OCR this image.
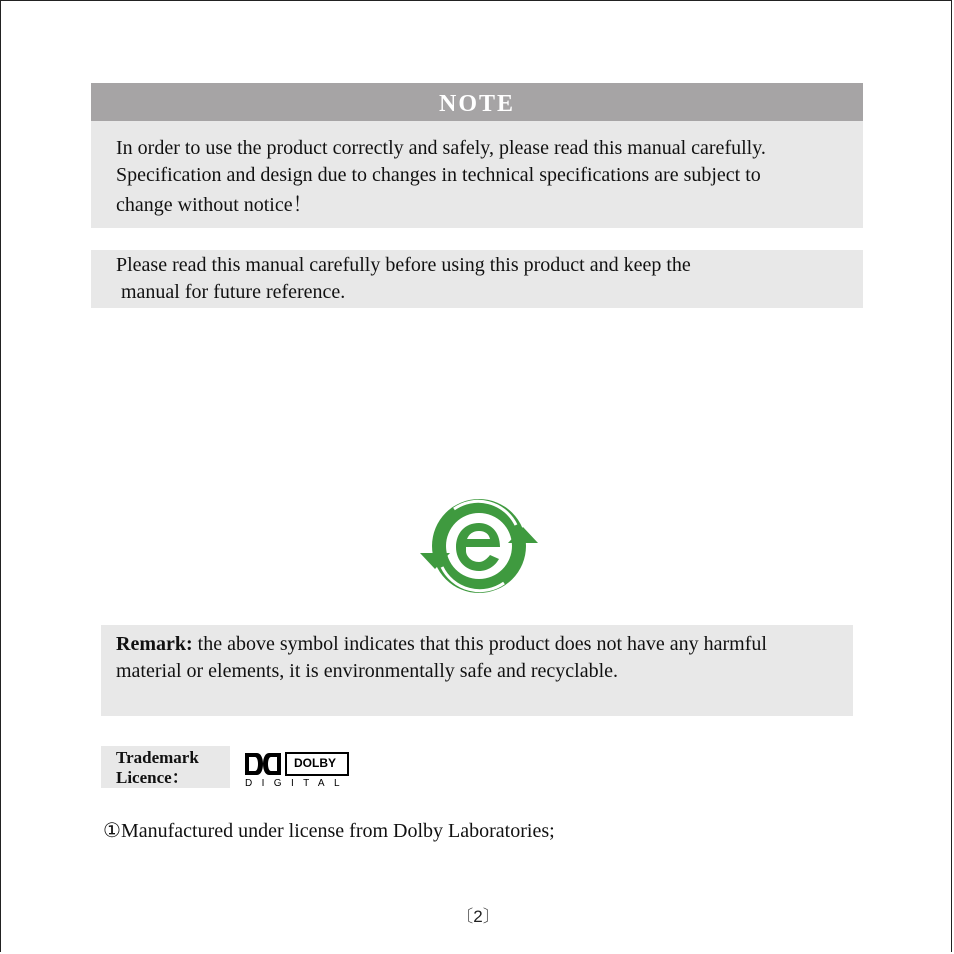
NOTE
In order to use the product correctly and safely, please read this manual carefully.
Specification and design due to changes in technical specifications are subject to
change without notice！
Please read this manual carefully before using this product and keep the
manual for future reference.
Remark: the above symbol indicates that this product does not have any harmful
material or elements, it is environmentally safe and recyclable.
Trademark
Licence：
DOLBY
DIGITAL
①Manufactured under license from Dolby Laboratories;
〔2〕
